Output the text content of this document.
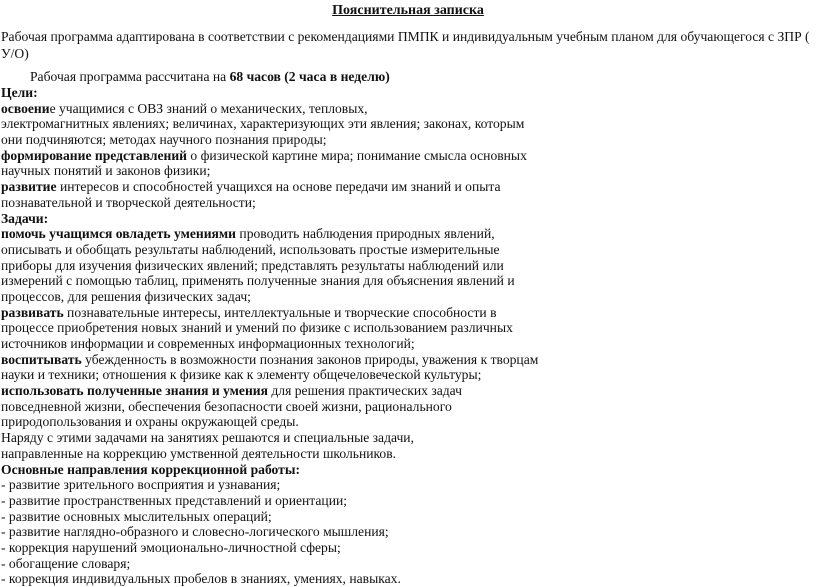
Пояснительная записка
Рабочая программа адаптирована в соответствии с рекомендациями ПМПК и индивидуальным учебным планом для обучающегося с ЗПР ( У/О)
Рабочая программа рассчитана на 68 часов (2 часа в неделю)
Цели:
освоение учащимися с ОВЗ знаний о механических, тепловых,
электромагнитных явлениях; величинах, характеризующих эти явления; законах, которым
они подчиняются; методах научного познания природы;
формирование представлений о физической картине мира; понимание смысла основных
научных понятий и законов физики;
развитие интересов и способностей учащихся на основе передачи им знаний и опыта
познавательной и творческой деятельности;
Задачи:
помочь учащимся овладеть умениями проводить наблюдения природных явлений,
описывать и обобщать результаты наблюдений, использовать простые измерительные
приборы для изучения физических явлений; представлять результаты наблюдений или
измерений с помощью таблиц, применять полученные знания для объяснения явлений и
процессов, для решения физических задач;
развивать познавательные интересы, интеллектуальные и творческие способности в
процессе приобретения новых знаний и умений по физике с использованием различных
источников информации и современных информационных технологий;
воспитывать убежденность в возможности познания законов природы, уважения к творцам
науки и техники; отношения к физике как к элементу общечеловеческой культуры;
использовать полученные знания и умения для решения практических задач
повседневной жизни, обеспечения безопасности своей жизни, рационального
природопользования и охраны окружающей среды.
Наряду с этими задачами на занятиях решаются и специальные задачи,
направленные на коррекцию умственной деятельности школьников.
Основные направления коррекционной работы:
- развитие зрительного восприятия и узнавания;
- развитие пространственных представлений и ориентации;
- развитие основных мыслительных операций;
- развитие наглядно-образного и словесно-логического мышления;
- коррекция нарушений эмоционально-личностной сферы;
- обогащение словаря;
- коррекция индивидуальных пробелов в знаниях, умениях, навыках.
